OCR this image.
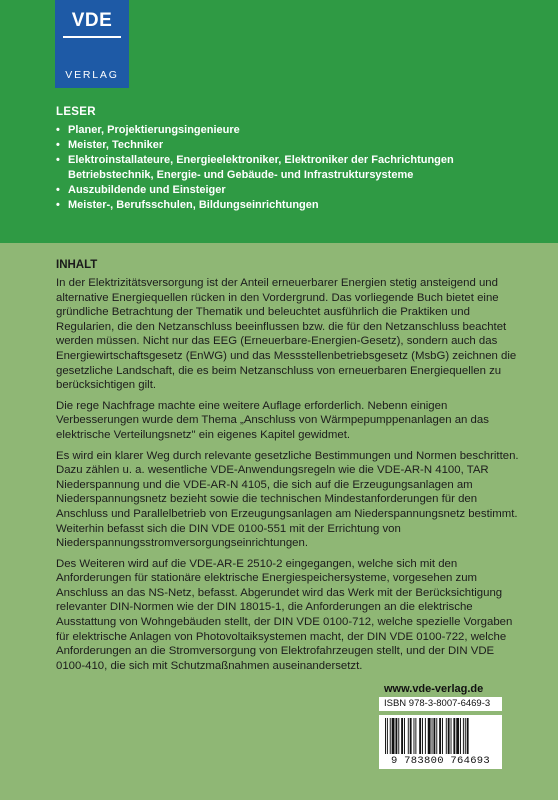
VDE
VERLAG
LESER
• Planer, Projektierungsingenieure
• Meister, Techniker
• Elektroinstallateure, Energieelektroniker, Elektroniker der Fachrichtungen Betriebstechnik, Energie- und Gebäude- und Infrastruktursysteme
• Auszubildende und Einsteiger
• Meister-, Berufsschulen, Bildungseinrichtungen
INHALT

In der Elektrizitätsversorgung ist der Anteil erneuerbarer Energien stetig ansteigend und alternative Energiequellen rücken in den Vordergrund. Das vorliegende Buch bietet eine gründliche Betrachtung der Thematik und beleuchtet ausführlich die Praktiken und Regularien, die den Netzanschluss beeinflussen bzw. die für den Netzanschluss beachtet werden müssen. Nicht nur das EEG (Erneuerbare-Energien-Gesetz), sondern auch das Energiewirtschaftsgesetz (EnWG) und das Messstellenbetriebsgesetz (MsbG) zeichnen die gesetzliche Landschaft, die es beim Netzanschluss von erneuerbaren Energiequellen zu berücksichtigen gilt.

Die rege Nachfrage machte eine weitere Auflage erforderlich. Nebenn einigen Verbesserungen wurde dem Thema „Anschluss von Wärmpepumppenanlagen an das elektrische Verteilungsnetz" ein eigenes Kapitel gewidmet.

Es wird ein klarer Weg durch relevante gesetzliche Bestimmungen und Normen beschritten. Dazu zählen u. a. wesentliche VDE-Anwendungsregeln wie die VDE-AR-N 4100, TAR Niederspannung und die VDE-AR-N 4105, die sich auf die Erzeugungsanlagen am Niederspannungsnetz bezieht sowie die technischen Mindestanforderungen für den Anschluss und Parallelbetrieb von Erzeugungsanlagen am Niederspannungsnetz bestimmt. Weiterhin befasst sich die DIN VDE 0100-551 mit der Errichtung von Niederspannungsstromversorgungseinrichtungen.

Des Weiteren wird auf die VDE-AR-E 2510-2 eingegangen, welche sich mit den Anforderungen für stationäre elektrische Energiespeichersysteme, vorgesehen zum Anschluss an das NS-Netz, befasst. Abgerundet wird das Werk mit der Berücksichtigung relevanter DIN-Normen wie der DIN 18015-1, die Anforderungen an die elektrische Ausstattung von Wohngebäuden stellt, der DIN VDE 0100-712, welche spezielle Vorgaben für elektrische Anlagen von Photovoltaiksystemen macht, der DIN VDE 0100-722, welche Anforderungen an die Stromversorgung von Elektrofahrzeugen stellt, und der DIN VDE 0100-410, die sich mit Schutzmaßnahmen auseinandersetzt.

www.vde-verlag.de
ISBN 978-3-8007-6469-3
9 783800 764693
